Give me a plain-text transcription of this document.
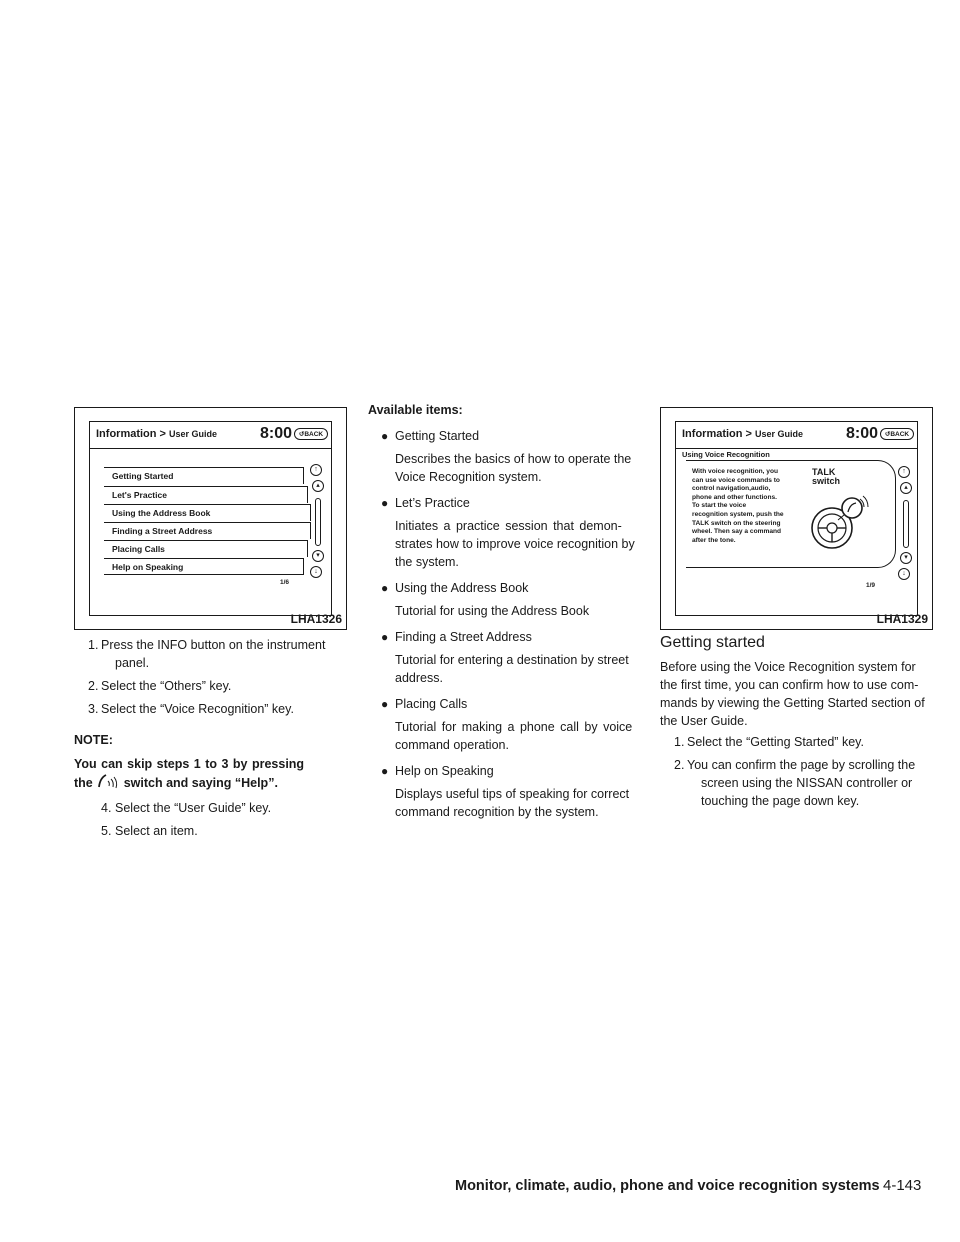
Information > User Guide	8:00	↺BACK
Getting Started
Let's Practice
Using the Address Book
Finding a Street Address
Placing Calls
Help on Speaking
1/6
↑
▴
▾
↓
LHA1326
Information > User Guide	8:00	↺BACK
Using Voice Recognition
With voice recognition, you
can use voice commands to
control navigation,audio,
phone and other functions.
To start the voice
recognition system, push the
TALK switch on the steering
wheel. Then say a command
after the tone.
TALK
switch
1/9
↑
▴
▾
↓
LHA1329
1. Press the INFO button on the instrument
panel.
2. Select the “Others” key.
3. Select the “Voice Recognition” key.
NOTE:
You can skip steps 1 to 3 by pressing
the switch and saying “Help”.
4. Select the “User Guide” key.
5. Select an item.
Available items:
● Getting Started
Describes the basics of how to operate the
Voice Recognition system.
● Let’s Practice
Initiates a practice session that demon-
strates how to improve voice recognition by
the system.
● Using the Address Book
Tutorial for using the Address Book
● Finding a Street Address
Tutorial for entering a destination by street
address.
● Placing Calls
Tutorial for making a phone call by voice
command operation.
● Help on Speaking
Displays useful tips of speaking for correct
command recognition by the system.
Getting started
Before using the Voice Recognition system for
the first time, you can confirm how to use com-
mands by viewing the Getting Started section of
the User Guide.
1. Select the “Getting Started” key.
2. You can confirm the page by scrolling the
screen using the NISSAN controller or
touching the page down key.
Monitor, climate, audio, phone and voice recognition systems 4-143
